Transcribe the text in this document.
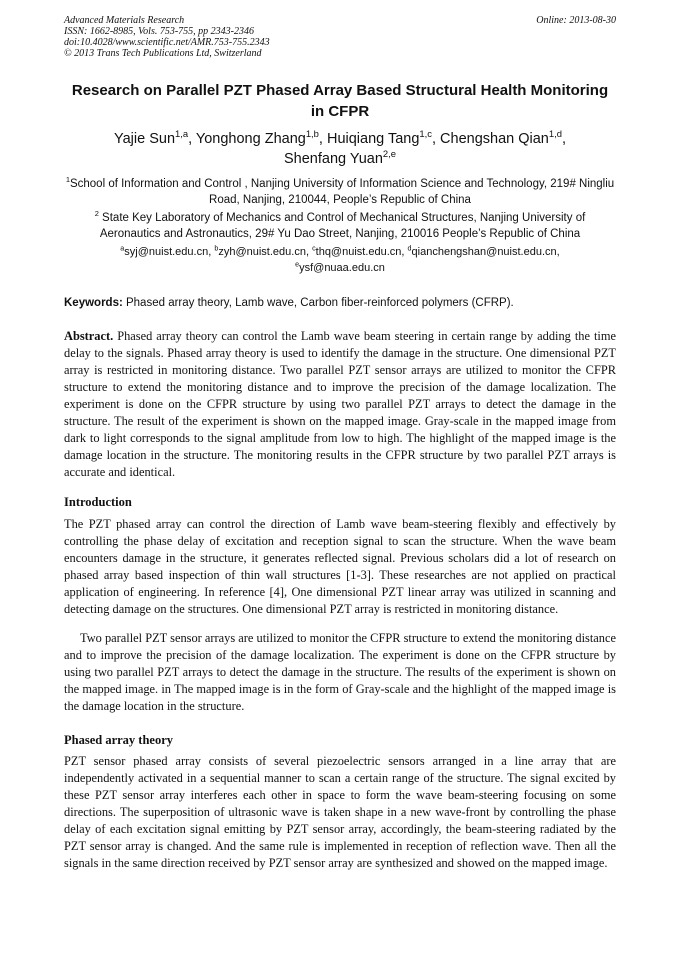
Advanced Materials Research
ISSN: 1662-8985, Vols. 753-755, pp 2343-2346
doi:10.4028/www.scientific.net/AMR.753-755.2343
© 2013 Trans Tech Publications Ltd, Switzerland
Online: 2013-08-30
Research on Parallel PZT Phased Array Based Structural Health Monitoring in CFPR
Yajie Sun$^{1,a}$, Yonghong Zhang$^{1,b}$, Huiqiang Tang$^{1,c}$, Chengshan Qian$^{1,d}$,
Shenfang Yuan$^{2,e}$
$^1$School of Information and Control , Nanjing University of Information Science and Technology, 219# Ningliu Road, Nanjing, 210044, People’s Republic of China
$^2$ State Key Laboratory of Mechanics and Control of Mechanical Structures, Nanjing University of Aeronautics and Astronautics, 29# Yu Dao Street, Nanjing, 210016 People’s Republic of China
$^a$syj@nuist.edu.cn, $^b$zyh@nuist.edu.cn, $^c$thq@nuist.edu.cn, $^d$qianchengshan@nuist.edu.cn,
$^e$ysf@nuaa.edu.cn
Keywords: Phased array theory, Lamb wave, Carbon fiber-reinforced polymers (CFRP).
Abstract. Phased array theory can control the Lamb wave beam steering in certain range by adding the time delay to the signals. Phased array theory is used to identify the damage in the structure. One dimensional PZT array is restricted in monitoring distance. Two parallel PZT sensor arrays are utilized to monitor the CFPR structure to extend the monitoring distance and to improve the precision of the damage localization. The experiment is done on the CFPR structure by using two parallel PZT arrays to detect the damage in the structure. The result of the experiment is shown on the mapped image. Gray-scale in the mapped image from dark to light corresponds to the signal amplitude from low to high. The highlight of the mapped image is the damage location in the structure. The monitoring results in the CFPR structure by two parallel PZT arrays is accurate and identical.
Introduction
The PZT phased array can control the direction of Lamb wave beam-steering flexibly and effectively by controlling the phase delay of excitation and reception signal to scan the structure. When the wave beam encounters damage in the structure, it generates reflected signal. Previous scholars did a lot of research on phased array based inspection of thin wall structures [1-3]. These researches are not applied on practical application of engineering. In reference [4], One dimensional PZT linear array was utilized in scanning and detecting damage on the structures. One dimensional PZT array is restricted in monitoring distance.
Two parallel PZT sensor arrays are utilized to monitor the CFPR structure to extend the monitoring distance and to improve the precision of the damage localization. The experiment is done on the CFPR structure by using two parallel PZT arrays to detect the damage in the structure. The results of the experiment is shown on the mapped image. in The mapped image is in the form of Gray-scale and the highlight of the mapped image is the damage location in the structure.
Phased array theory
PZT sensor phased array consists of several piezoelectric sensors arranged in a line array that are independently activated in a sequential manner to scan a certain range of the structure. The signal excited by these PZT sensor array interferes each other in space to form the wave beam-steering focusing on some directions. The superposition of ultrasonic wave is taken shape in a new wave-front by controlling the phase delay of each excitation signal emitting by PZT sensor array, accordingly, the beam-steering radiated by the PZT sensor array is changed. And the same rule is implemented in reception of reflection wave. Then all the signals in the same direction received by PZT sensor array are synthesized and showed on the mapped image.
